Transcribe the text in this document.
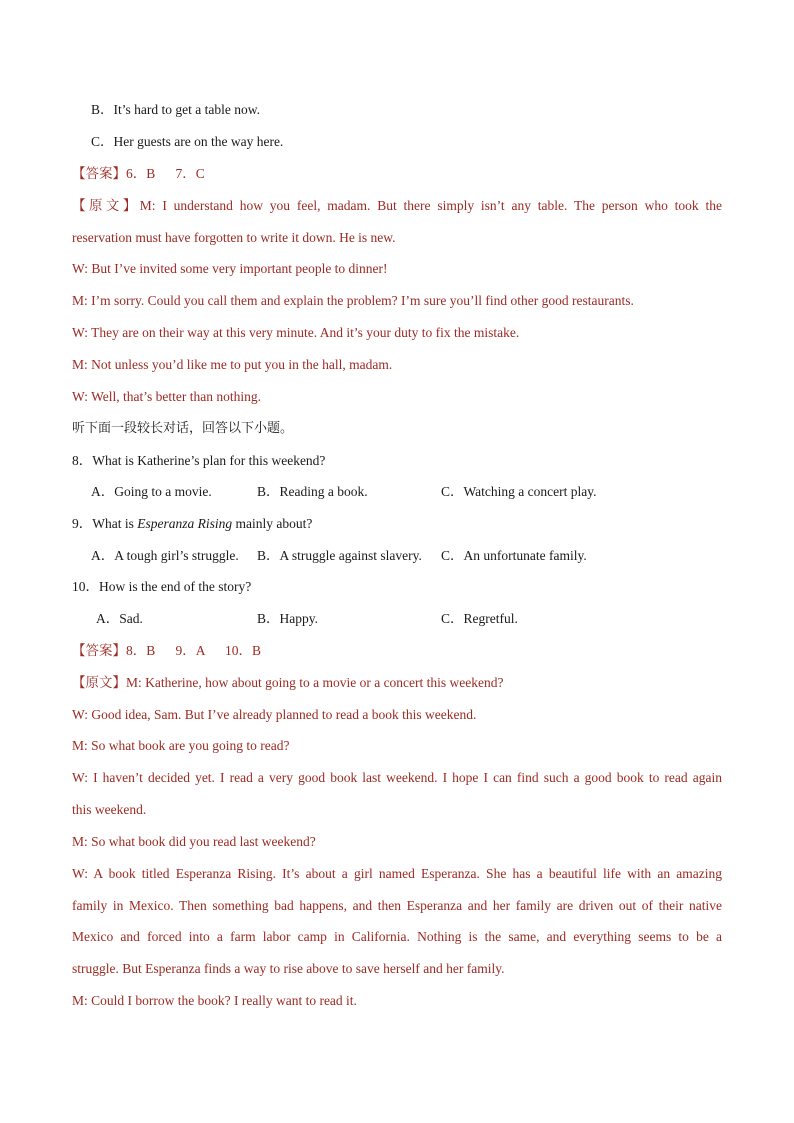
B．It’s hard to get a table now.
C．Her guests are on the way here.
【答案】6．B      7．C
【原文】M: I understand how you feel, madam. But there simply isn’t any table. The person who took the
reservation must have forgotten to write it down. He is new.
W: But I’ve invited some very important people to dinner!
M: I’m sorry. Could you call them and explain the problem? I’m sure you’ll find other good restaurants.
W: They are on their way at this very minute. And it’s your duty to fix the mistake.
M: Not unless you’d like me to put you in the hall, madam.
W: Well, that’s better than nothing.
听下面一段较长对话，回答以下小题。
8．What is Katherine’s plan for this weekend?
A．Going to a movie.	B．Reading a book.	C．Watching a concert play.
9．What is Esperanza Rising mainly about?
A．A tough girl’s struggle. B．A struggle against slavery. C．An unfortunate family.
10．How is the end of the story?
A．Sad.	B．Happy.	C．Regretful.
【答案】8．B      9．A      10．B
【原文】M: Katherine, how about going to a movie or a concert this weekend?
W: Good idea, Sam. But I’ve already planned to read a book this weekend.
M: So what book are you going to read?
W: I haven’t decided yet. I read a very good book last weekend. I hope I can find such a good book to read again
this weekend.
M: So what book did you read last weekend?
W: A book titled Esperanza Rising. It’s about a girl named Esperanza. She has a beautiful life with an amazing
family in Mexico. Then something bad happens, and then Esperanza and her family are driven out of their native
Mexico and forced into a farm labor camp in California. Nothing is the same, and everything seems to be a
struggle. But Esperanza finds a way to rise above to save herself and her family.
M: Could I borrow the book? I really want to read it.
